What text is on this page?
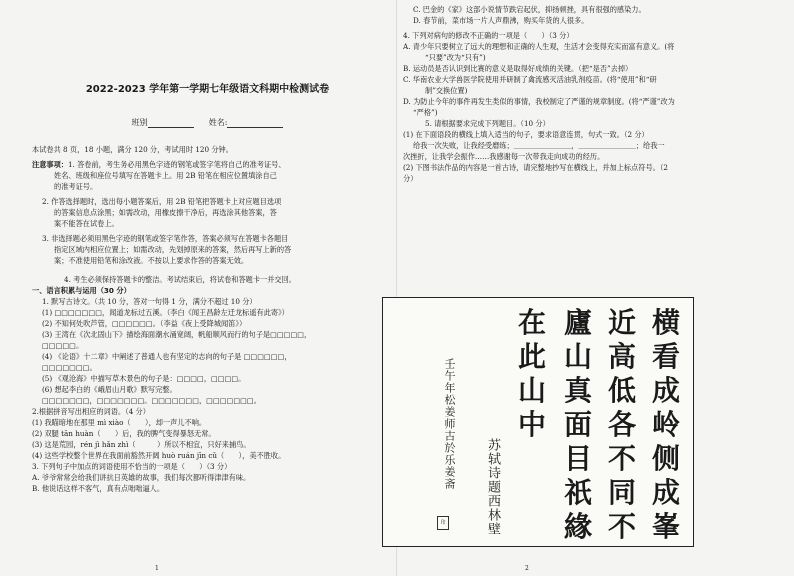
2022-2023 学年第一学期七年级语文科期中检测试卷
班别	姓名:
本试卷共 8 页，18 小题，满分 120 分，考试用时 120 分钟。
注意事项：1. 答卷前，考生务必用黑色字迹的钢笔或签字笔将自己的准考证号、
姓名、班级和座位号填写在答题卡上。用 2B 铅笔在相应位置填涂自己
的准考证号。
2. 作答选择题时，选出每小题答案后，用 2B 铅笔把答题卡上对应题目选项
的答案信息点涂黑；如需改动，用橡皮擦干净后，再选涂其他答案，答
案不能答在试卷上。
3. 非选择题必须用黑色字迹的钢笔或签字笔作答，答案必须写在答题卡各题目
指定区域内相应位置上；如需改动，先划掉原来的答案，然后再写上新的答
案；不准使用铅笔和涂改液。不按以上要求作答的答案无效。
4. 考生必须保持答题卡的整洁。考试结束后，将试卷和答题卡一并交回。
一、语言积累与运用（30 分）
1. 默写古诗文。（共 10 分，答对一句得 1 分，满分不超过 10 分）
(1) □□□□□□□，闻道龙标过五溪。（李白《闻王昌龄左迁龙标遥有此寄》）
(2) 不知何处吹芦管，□□□□□□。（李益《夜上受降城闻笛》）
(3) 王湾在《次北固山下》描绘海面潮水涌宽阔，帆船顺风而行的句子是□□□□□，
□□□□□。
(4) 《论语》十二章》中阐述了普通人也有坚定的志向的句子是 □□□□□□，
□□□□□□□。
(5) 《观沧海》中描写草木景色的句子是：□□□□，□□□□。
(6) 想起李白的《峨眉山月歌》默写完整。
□□□□□□□，□□□□□□□。□□□□□□□，□□□□□□□。
2.根据拼音写出相应的词语。（4 分）
(1) 我瞄暗地在那里 mì xiào（　　），却一声儿不响。
(2) 双腿 tān huàn（　　）后，我的脾气变得暴怒无常。
(3) 这是荒园，rén jì hǎn zhì（　　　）所以不相宜，只好来捕鸟。
(4) 这些学校整个世界在我面前豁然开阔 huò ruán jīn cǔ（　　），美不胜收。
3. 下列句子中加点的词语使用不恰当的一项是（　　）（3 分）
A. 爷爷常常会给我们讲抗日英雄的故事，我们每次都听得津津有味。
B. 他说话这样不客气，真有点咄咄逼人。
1
C. 巴金的《家》这部小说情节跌宕起伏，抑扬顿挫，具有很强的感染力。
D. 春节前，菜市场一片人声鼎沸，购买年货的人很多。
4. 下列对病句的修改不正确的一项是（　　）（3 分）
A. 青少年只要树立了远大的理想和正确的人生观，生活才会变得充实而富有意义。(将
“只要”改为“只有”)
B. 运动员是否认识到比赛的意义是取得好成绩的关键。（把“是否”去掉）
C. 华南农业大学兽医学院使用并研制了禽流感灭活油乳剂疫苗。(将“使用”和“研
制”交换位置)
D. 为防止今年的事件再发生类似的事情，我校制定了严谨的规章制度。(将“严谨”改为
“严格”)
5. 请根据要求完成下列题目。（10 分）
(1) 在下面语段的横线上填入适当的句子，要求语意连贯，句式一致。（2 分）
给我一次失败，让我经受磨练；＿＿＿＿＿＿＿＿，＿＿＿＿＿＿＿＿；给我一
次挫折，让我学会振作……我感谢每一次带我走向成功的经历。
(2) 下图书法作品的内容是一首古诗，请完整地抄写在横线上，并加上标点符号。（2
分）
2
横
看
成
岭
侧
成
峯
近
高
低
各
不
同
不
廬
山
真
面
目
祇
緣
在
此
山
中
苏轼诗题西林壁
壬午年松姜师古於乐姜斋
印
